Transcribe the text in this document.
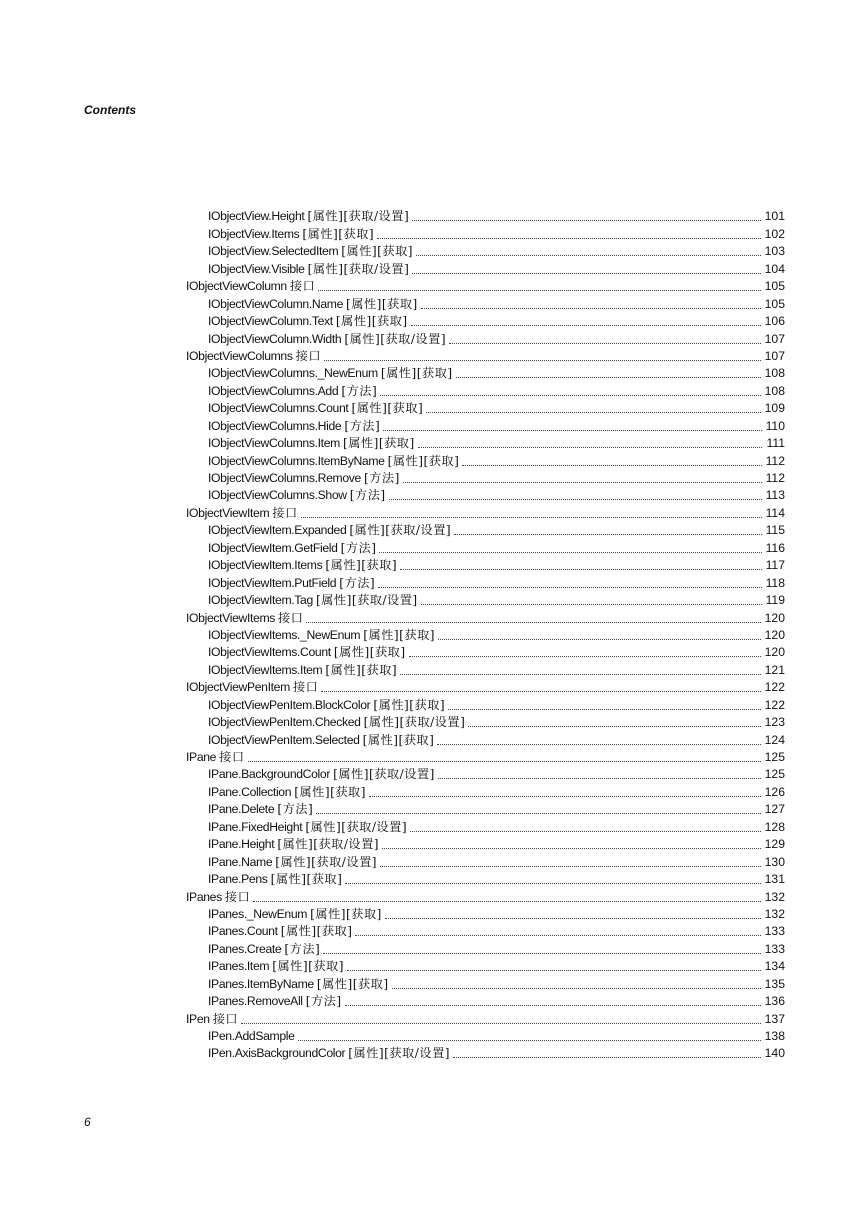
Contents
IObjectView.Height [属性][获取/设置]	101
IObjectView.Items [属性][获取]	102
IObjectView.SelectedItem [属性][获取]	103
IObjectView.Visible [属性][获取/设置]	104
IObjectViewColumn 接口	105
IObjectViewColumn.Name [属性][获取]	105
IObjectViewColumn.Text [属性][获取]	106
IObjectViewColumn.Width [属性][获取/设置]	107
IObjectViewColumns 接口	107
IObjectViewColumns._NewEnum [属性][获取]	108
IObjectViewColumns.Add [方法]	108
IObjectViewColumns.Count [属性][获取]	109
IObjectViewColumns.Hide [方法]	110
IObjectViewColumns.Item [属性][获取]	111
IObjectViewColumns.ItemByName [属性][获取]	112
IObjectViewColumns.Remove [方法]	112
IObjectViewColumns.Show [方法]	113
IObjectViewItem 接口	114
IObjectViewItem.Expanded [属性][获取/设置]	115
IObjectViewItem.GetField [方法]	116
IObjectViewItem.Items [属性][获取]	117
IObjectViewItem.PutField [方法]	118
IObjectViewItem.Tag [属性][获取/设置]	119
IObjectViewItems 接口	120
IObjectViewItems._NewEnum [属性][获取]	120
IObjectViewItems.Count [属性][获取]	120
IObjectViewItems.Item [属性][获取]	121
IObjectViewPenItem 接口	122
IObjectViewPenItem.BlockColor [属性][获取]	122
IObjectViewPenItem.Checked [属性][获取/设置]	123
IObjectViewPenItem.Selected [属性][获取]	124
IPane 接口	125
IPane.BackgroundColor [属性][获取/设置]	125
IPane.Collection [属性][获取]	126
IPane.Delete [方法]	127
IPane.FixedHeight [属性][获取/设置]	128
IPane.Height [属性][获取/设置]	129
IPane.Name [属性][获取/设置]	130
IPane.Pens [属性][获取]	131
IPanes 接口	132
IPanes._NewEnum [属性][获取]	132
IPanes.Count [属性][获取]	133
IPanes.Create [方法]	133
IPanes.Item [属性][获取]	134
IPanes.ItemByName [属性][获取]	135
IPanes.RemoveAll [方法]	136
IPen 接口	137
IPen.AddSample	138
IPen.AxisBackgroundColor [属性][获取/设置]	140
6
